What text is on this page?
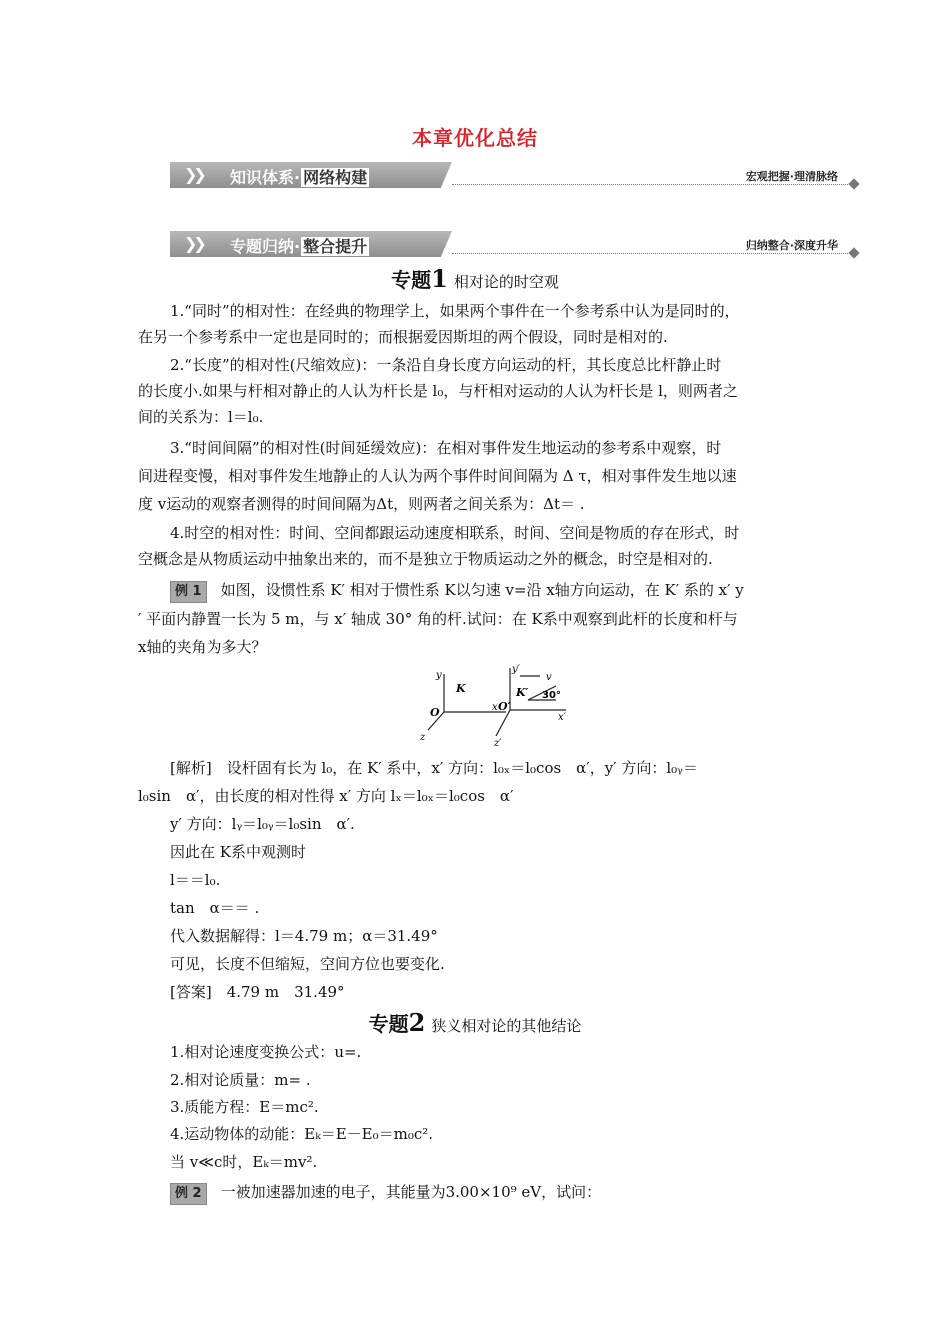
本章优化总结
❯❯ 知识体系· 网络构建	宏观把握·理清脉络
❯❯ 专题归纳· 整合提升	归纳整合·深度升华
专题1 相对论的时空观
1.“同时”的相对性：在经典的物理学上，如果两个事件在一个参考系中认为是同时的，
在另一个参考系中一定也是同时的；而根据爱因斯坦的两个假设，同时是相对的.
2.“长度”的相对性(尺缩效应)：一条沿自身长度方向运动的杆，其长度总比杆静止时
的长度小.如果与杆相对静止的人认为杆长是 l₀，与杆相对运动的人认为杆长是 l，则两者之
间的关系为：l＝l₀.
3.“时间间隔”的相对性(时间延缓效应)：在相对事件发生地运动的参考系中观察，时
间进程变慢，相对事件发生地静止的人认为两个事件时间间隔为 Δ τ，相对事件发生地以速
度 v运动的观察者测得的时间间隔为Δt，则两者之间关系为：Δt＝ .
4.时空的相对性：时间、空间都跟运动速度相联系，时间、空间是物质的存在形式，时
空概念是从物质运动中抽象出来的，而不是独立于物质运动之外的概念，时空是相对的.
例 1 如图，设惯性系 K′ 相对于惯性系 K以匀速 v=沿 x轴方向运动，在 K′ 系的 x′ y
′ 平面内静置一长为 5 m，与 x′ 轴成 30° 角的杆.试问：在 K系中观察到此杆的长度和杆与
x轴的夹角为多大？
y
K
O	x
z
y′
K′
O′
x′
z′
v
30°
[解析]　设杆固有长为 l₀，在 K′ 系中，x′ 方向：l₀ₓ＝l₀cos　α′，y′ 方向：l₀ᵧ＝
l₀sin　α′，由长度的相对性得 x′ 方向 lₓ＝l₀ₓ＝l₀cos　α′
y′ 方向：lᵧ＝l₀ᵧ＝l₀sin　α′.
因此在 K系中观测时
l＝＝l₀.
tan　α＝＝ .
代入数据解得：l＝4.79 m；α＝31.49°
可见，长度不但缩短，空间方位也要变化.
[答案]　4.79 m　31.49°
专题2 狭义相对论的其他结论
1.相对论速度变换公式：u=.
2.相对论质量：m= .
3.质能方程：E＝mc².
4.运动物体的动能：Eₖ＝E－E₀＝m₀c².
当 v≪c时，Eₖ＝mv².
例 2 一被加速器加速的电子，其能量为3.00×10⁹ eV，试问：
